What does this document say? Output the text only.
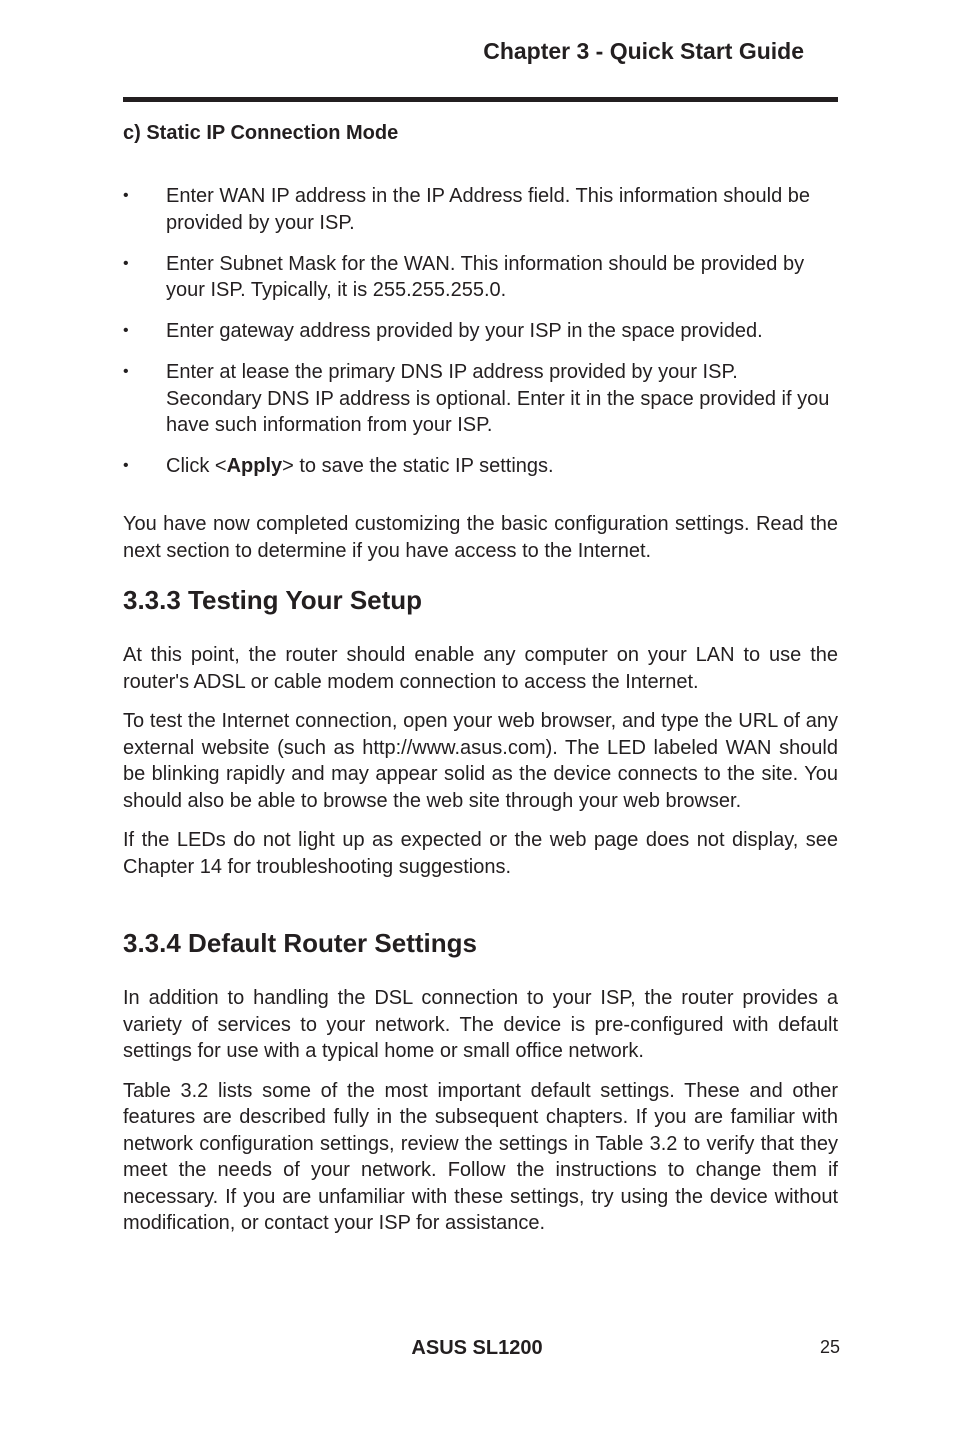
Chapter 3 - Quick Start Guide
c) Static IP Connection Mode
• Enter WAN IP address in the IP Address field. This information should be provided by your ISP.
• Enter Subnet Mask for the WAN. This information should be provided by your ISP. Typically, it is 255.255.255.0.
• Enter gateway address provided by your ISP in the space provided.
• Enter at lease the primary DNS IP address provided by your ISP. Secondary DNS IP address is optional. Enter it in the space provided if you have such information from your ISP.
• Click <Apply> to save the static IP settings.

You have now completed customizing the basic configuration settings. Read the next section to determine if you have access to the Internet.

3.3.3 Testing Your Setup

At this point, the router should enable any computer on your LAN to use the router's ADSL or cable modem connection to access the Internet.

To test the Internet connection, open your web browser, and type the URL of any external website (such as http://www.asus.com). The LED labeled WAN should be blinking rapidly and may appear solid as the device connects to the site. You should also be able to browse the web site through your web browser.

If the LEDs do not light up as expected or the web page does not display, see Chapter 14 for troubleshooting suggestions.

3.3.4 Default Router Settings

In addition to handling the DSL connection to your ISP, the router provides a variety of services to your network. The device is pre-configured with default settings for use with a typical home or small office network.

Table 3.2 lists some of the most important default settings. These and other features are described fully in the subsequent chapters. If you are familiar with network configuration settings, review the settings in Table 3.2 to verify that they meet the needs of your network. Follow the instructions to change them if necessary. If you are unfamiliar with these settings, try using the device without modification, or contact your ISP for assistance.

ASUS SL1200	25
